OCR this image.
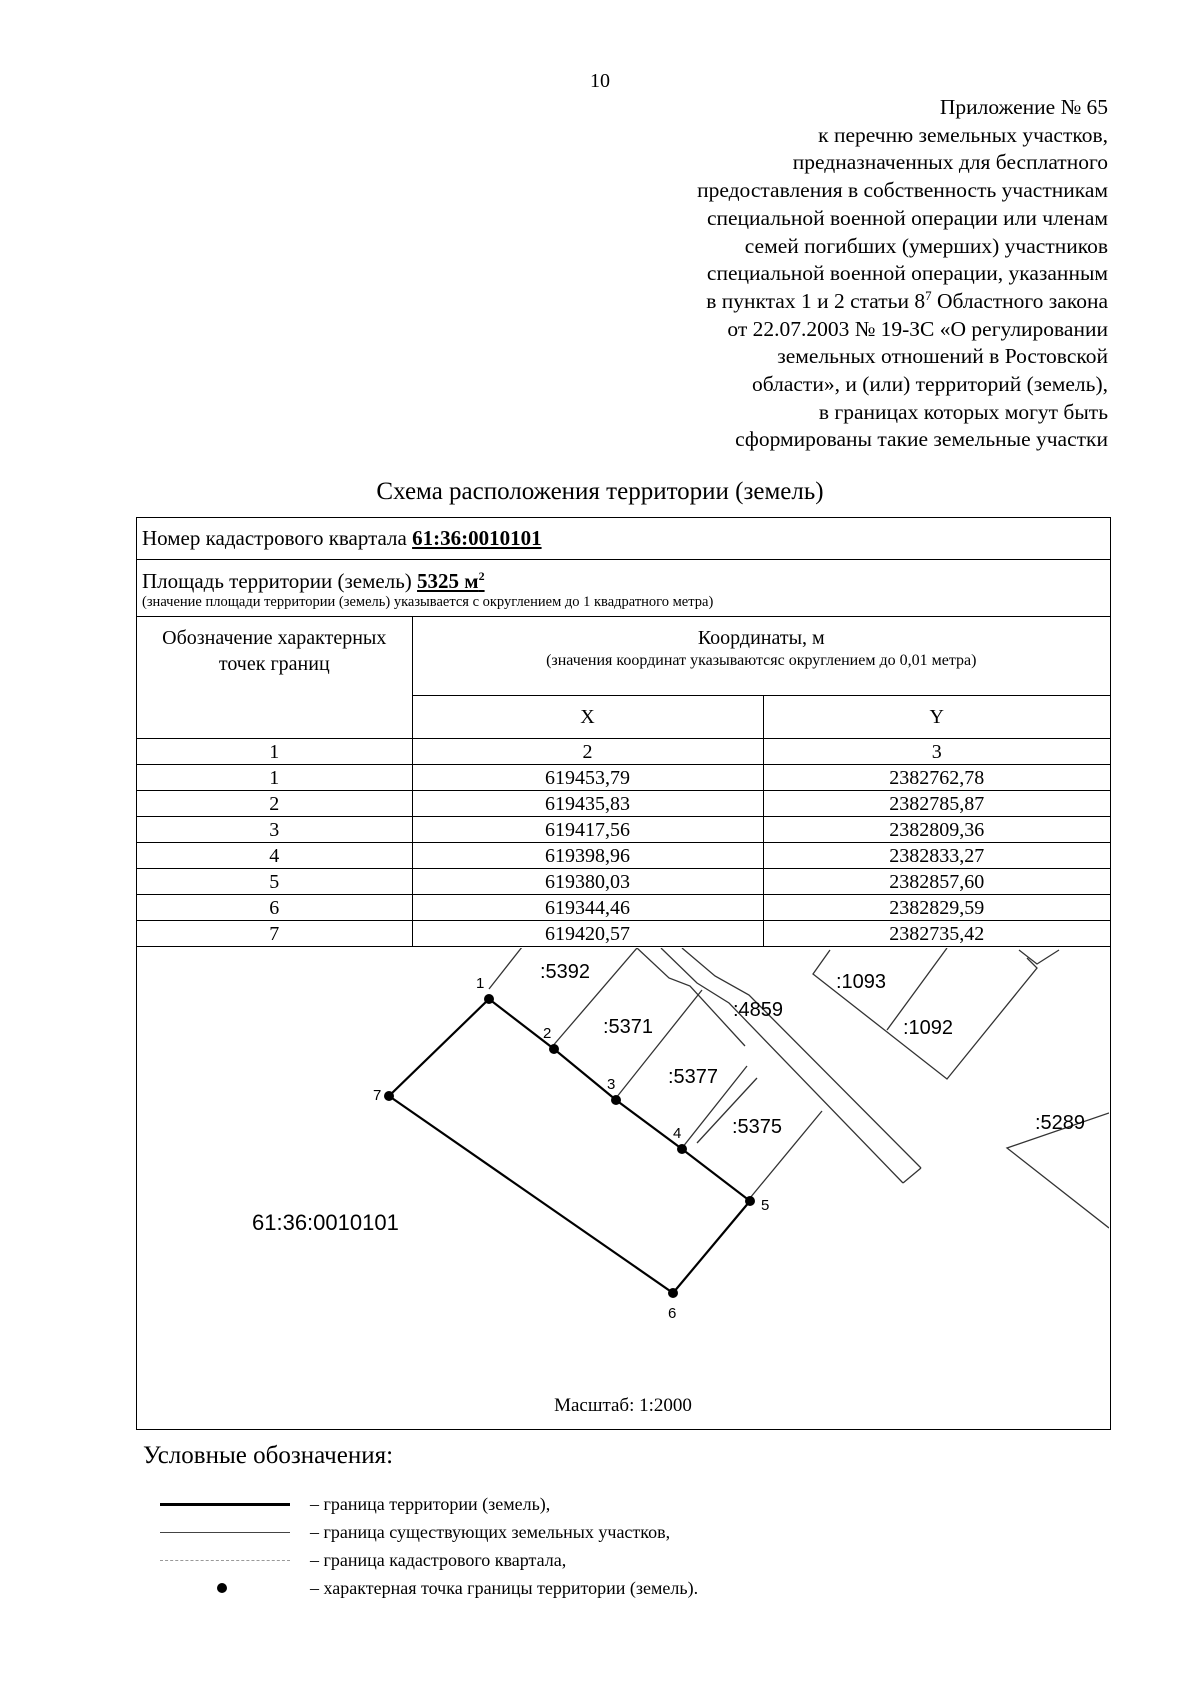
10
Приложение № 65
к перечню земельных участков,
предназначенных для бесплатного
предоставления в собственность участникам
специальной военной операции или членам
семей погибших (умерших) участников
специальной военной операции, указанным
в пунктах 1 и 2 статьи $8^7$ Областного закона
от 22.07.2003 № 19-ЗС «О регулировании
земельных отношений в Ростовской
области», и (или) территорий (земель),
в границах которых могут быть
сформированы такие земельные участки
Схема расположения территории (земель)
Номер кадастрового квартала 61:36:0010101
Площадь территории (земель) 5325 $м^2$
(значение площади территории (земель) указывается с округлением до 1 квадратного метра)
Обозначение характерных точек границ	Координаты, м
(значения координат указываютсяс округлением до 0,01 метра)	

	X	Y
1	2	3
1	619453,79	2382762,78
2	619435,83	2382785,87
3	619417,56	2382809,36
4	619398,96	2382833,27
5	619380,03	2382857,60
6	619344,46	2382829,59
7	619420,57	2382735,42
1
2
3
4
5
6
7
:5392
:5371
:5377
:5375
:4859
:1093
:1092
:5289
61:36:0010101
Масштаб: 1:2000
Условные обозначения:
– граница территории (земель),
– граница существующих земельных участков,
– граница кадастрового квартала,
– характерная точка границы территории (земель).
